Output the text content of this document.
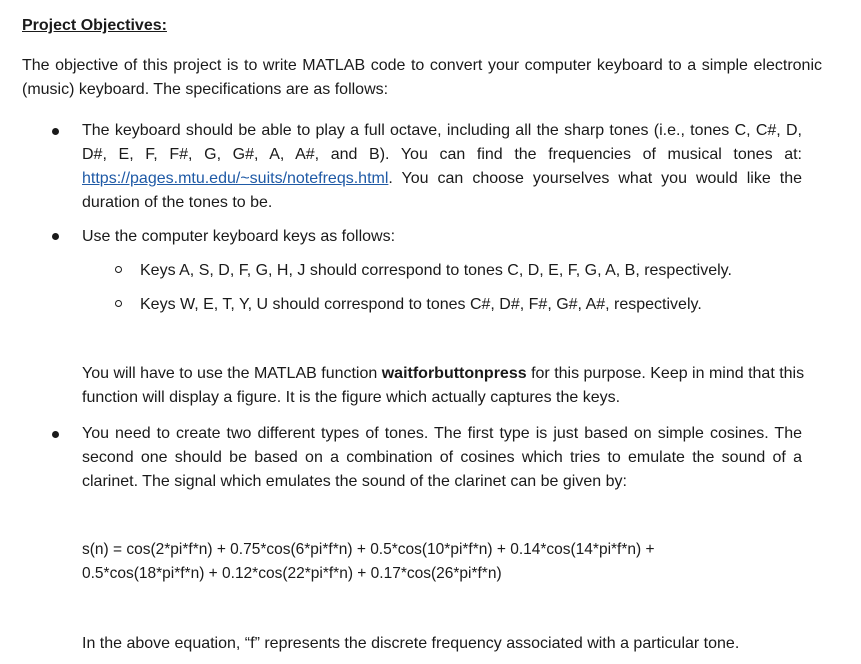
Project Objectives:
The objective of this project is to write MATLAB code to convert your computer keyboard to a simple electronic (music) keyboard. The specifications are as follows:
The keyboard should be able to play a full octave, including all the sharp tones (i.e., tones C, C#, D, D#, E, F, F#, G, G#, A, A#, and B). You can find the frequencies of musical tones at: https://pages.mtu.edu/~suits/notefreqs.html. You can choose yourselves what you would like the duration of the tones to be.
Use the computer keyboard keys as follows:
Keys A, S, D, F, G, H, J should correspond to tones C, D, E, F, G, A, B, respectively.
Keys W, E, T, Y, U should correspond to tones C#, D#, F#, G#, A#, respectively.
You will have to use the MATLAB function waitforbuttonpress for this purpose. Keep in mind that this function will display a figure. It is the figure which actually captures the keys.
You need to create two different types of tones. The first type is just based on simple cosines. The second one should be based on a combination of cosines which tries to emulate the sound of a clarinet. The signal which emulates the sound of the clarinet can be given by:
s(n) = cos(2*pi*f*n) + 0.75*cos(6*pi*f*n) + 0.5*cos(10*pi*f*n) + 0.14*cos(14*pi*f*n) +
0.5*cos(18*pi*f*n) + 0.12*cos(22*pi*f*n) + 0.17*cos(26*pi*f*n)
In the above equation, “f” represents the discrete frequency associated with a particular tone.
